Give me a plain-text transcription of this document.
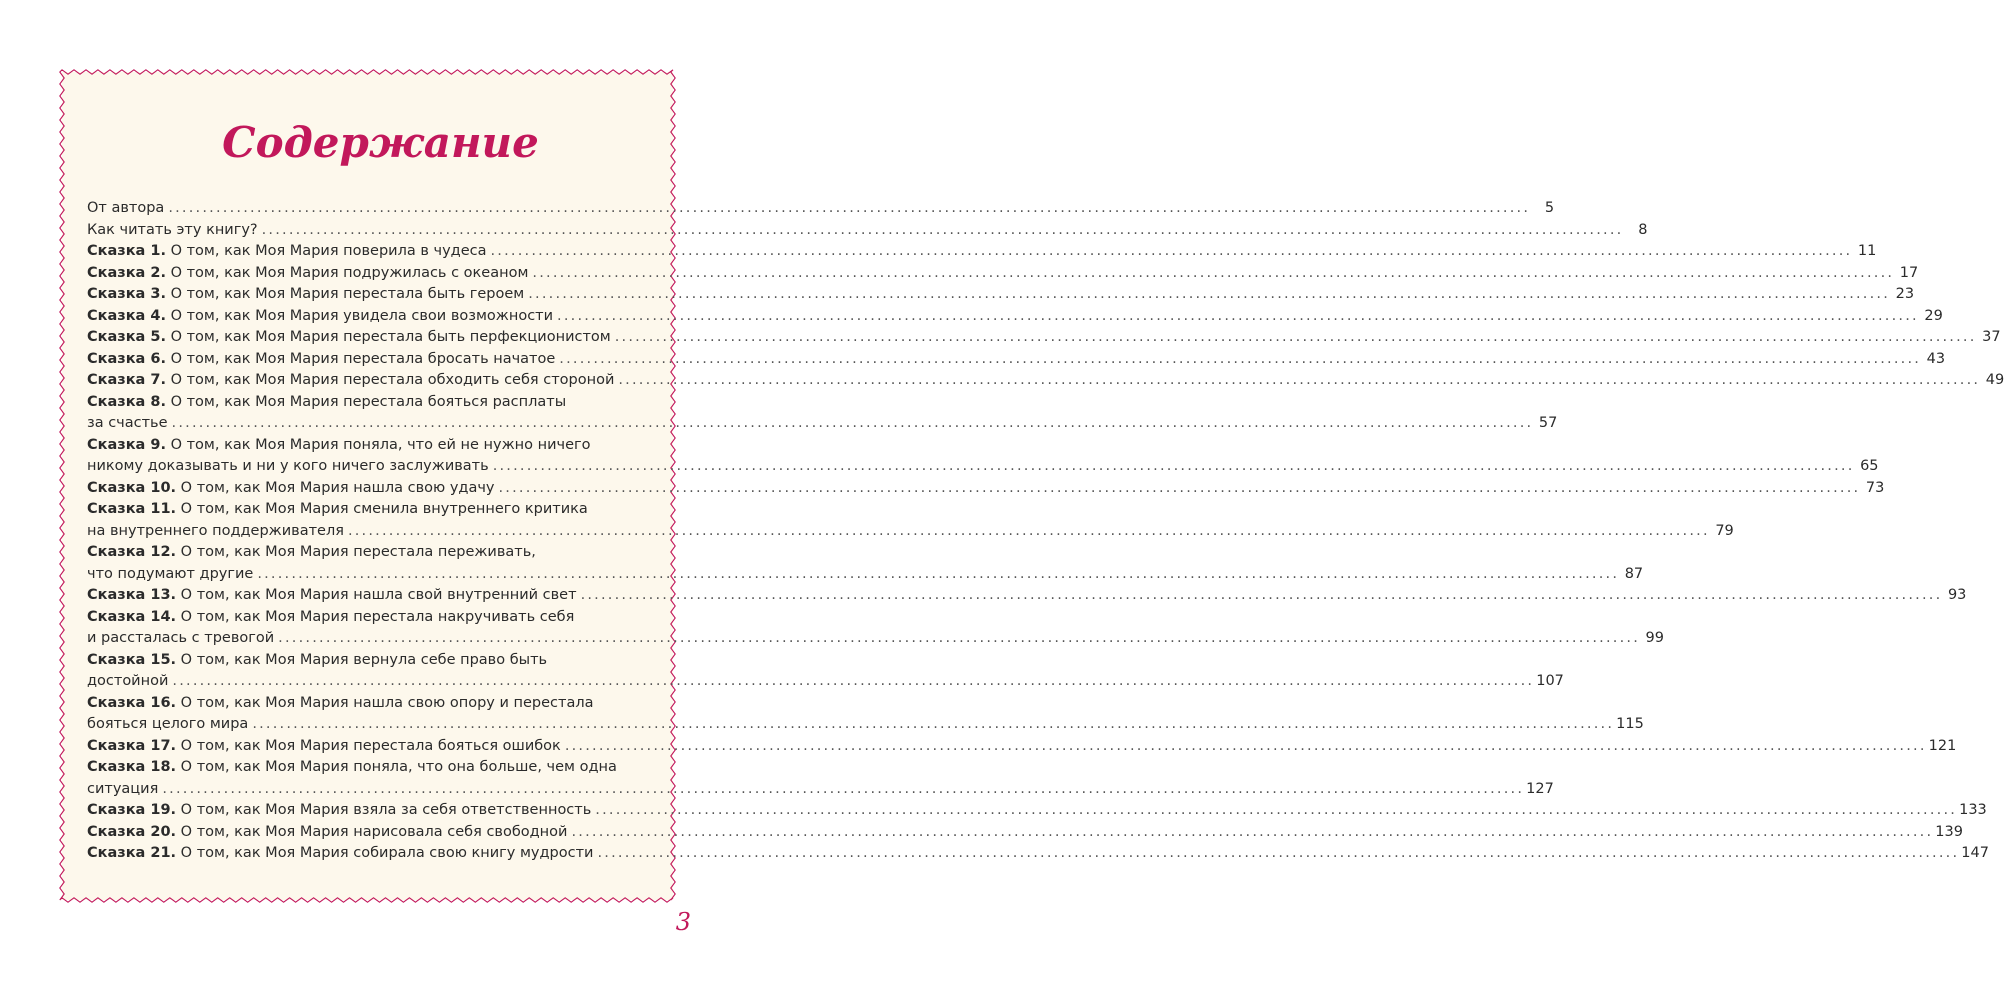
Содержание
От автора ........................................................................................................................................................................................................	5
Как читать эту книгу? ........................................................................................................................................................................................................	8
Сказка 1. О том, как Моя Мария поверила в чудеса ........................................................................................................................................................................................................ 11
Сказка 2. О том, как Моя Мария подружилась с океаном ........................................................................................................................................................................................................ 17
Сказка 3. О том, как Моя Мария перестала быть героем ........................................................................................................................................................................................................ 23
Сказка 4. О том, как Моя Мария увидела свои возможности ........................................................................................................................................................................................................ 29
Сказка 5. О том, как Моя Мария перестала быть перфекционистом ........................................................................................................................................................................................................ 37
Сказка 6. О том, как Моя Мария перестала бросать начатое ........................................................................................................................................................................................................ 43
Сказка 7. О том, как Моя Мария перестала обходить себя стороной ........................................................................................................................................................................................................ 49
Сказка 8. О том, как Моя Мария перестала бояться расплаты
за счастье ........................................................................................................................................................................................................ 57
Сказка 9. О том, как Моя Мария поняла, что ей не нужно ничего
никому доказывать и ни у кого ничего заслуживать ........................................................................................................................................................................................................ 65
Сказка 10. О том, как Моя Мария нашла свою удачу ........................................................................................................................................................................................................ 73
Сказка 11. О том, как Моя Мария сменила внутреннего критика
на внутреннего поддерживателя ........................................................................................................................................................................................................ 79
Сказка 12. О том, как Моя Мария перестала переживать,
что подумают другие ........................................................................................................................................................................................................ 87
Сказка 13. О том, как Моя Мария нашла свой внутренний свет ........................................................................................................................................................................................................ 93
Сказка 14. О том, как Моя Мария перестала накручивать себя
и рассталась с тревогой ........................................................................................................................................................................................................ 99
Сказка 15. О том, как Моя Мария вернула себе право быть
достойной ........................................................................................................................................................................................................ 107
Сказка 16. О том, как Моя Мария нашла свою опору и перестала
бояться целого мира ........................................................................................................................................................................................................ 115
Сказка 17. О том, как Моя Мария перестала бояться ошибок ........................................................................................................................................................................................................ 121
Сказка 18. О том, как Моя Мария поняла, что она больше, чем одна
ситуация ........................................................................................................................................................................................................ 127
Сказка 19. О том, как Моя Мария взяла за себя ответственность ........................................................................................................................................................................................................ 133
Сказка 20. О том, как Моя Мария нарисовала себя свободной ........................................................................................................................................................................................................ 139
Сказка 21. О том, как Моя Мария собирала свою книгу мудрости ........................................................................................................................................................................................................ 147
3
